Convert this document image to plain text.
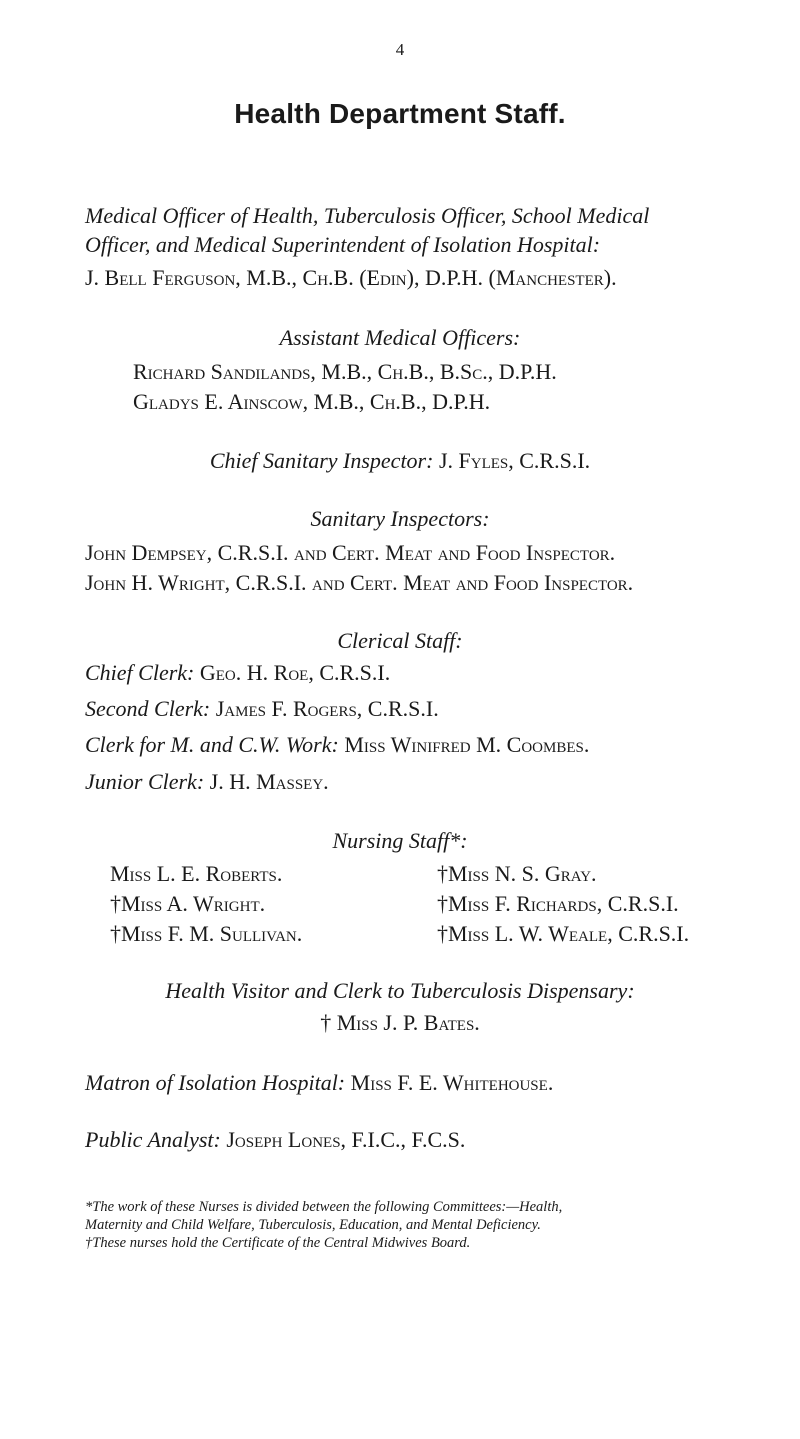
4
Health Department Staff.
Medical Officer of Health, Tuberculosis Officer, School Medical
Officer, and Medical Superintendent of Isolation Hospital:
J. Bell Ferguson, M.B., Ch.B. (Edin), D.P.H. (Manchester).
Assistant Medical Officers:
Richard Sandilands, M.B., Ch.B., B.Sc., D.P.H.
Gladys E. Ainscow, M.B., Ch.B., D.P.H.
Chief Sanitary Inspector: J. Fyles, C.R.S.I.
Sanitary Inspectors:
John Dempsey, C.R.S.I. and Cert. Meat and Food Inspector.
John H. Wright, C.R.S.I. and Cert. Meat and Food Inspector.
Clerical Staff:
Chief Clerk: Geo. H. Roe, C.R.S.I.
Second Clerk: James F. Rogers, C.R.S.I.
Clerk for M. and C.W. Work: Miss Winifred M. Coombes.
Junior Clerk: J. H. Massey.
Nursing Staff*:
Miss L. E. Roberts.
†Miss A. Wright.
†Miss F. M. Sullivan.
†Miss N. S. Gray.
†Miss F. Richards, C.R.S.I.
†Miss L. W. Weale, C.R.S.I.
Health Visitor and Clerk to Tuberculosis Dispensary:
† Miss J. P. Bates.
Matron of Isolation Hospital: Miss F. E. Whitehouse.
Public Analyst: Joseph Lones, F.I.C., F.C.S.
*The work of these Nurses is divided between the following Committees:—Health,
Maternity and Child Welfare, Tuberculosis, Education, and Mental Deficiency.
†These nurses hold the Certificate of the Central Midwives Board.
